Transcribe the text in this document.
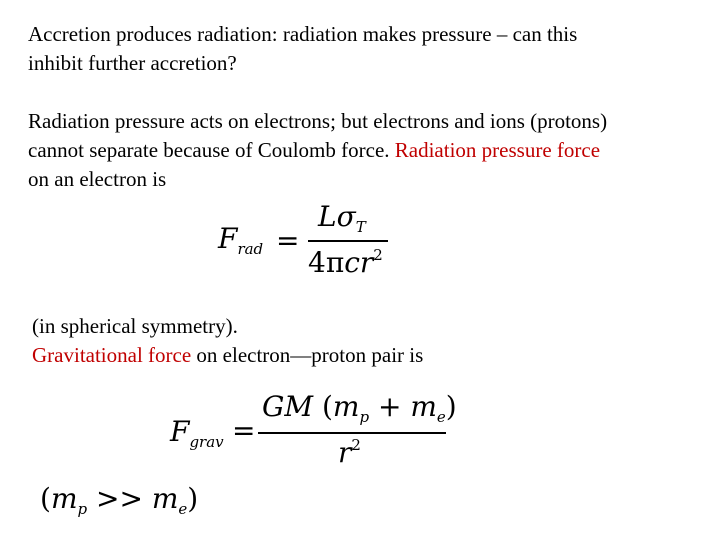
Accretion produces radiation: radiation makes pressure – can this
inhibit further accretion?

Radiation pressure acts on electrons; but electrons and ions (protons)
cannot separate because of Coulomb force. Radiation pressure force
on an electron is

$F_{rad}$ =
$L\sigma_T$
4πcr$^2$

(in spherical symmetry).
Gravitational force on electron—proton pair is

$F_{grav}$ =
GM $(m_p + m_e)$
$r^2$
$(m_p >> m_e)$
